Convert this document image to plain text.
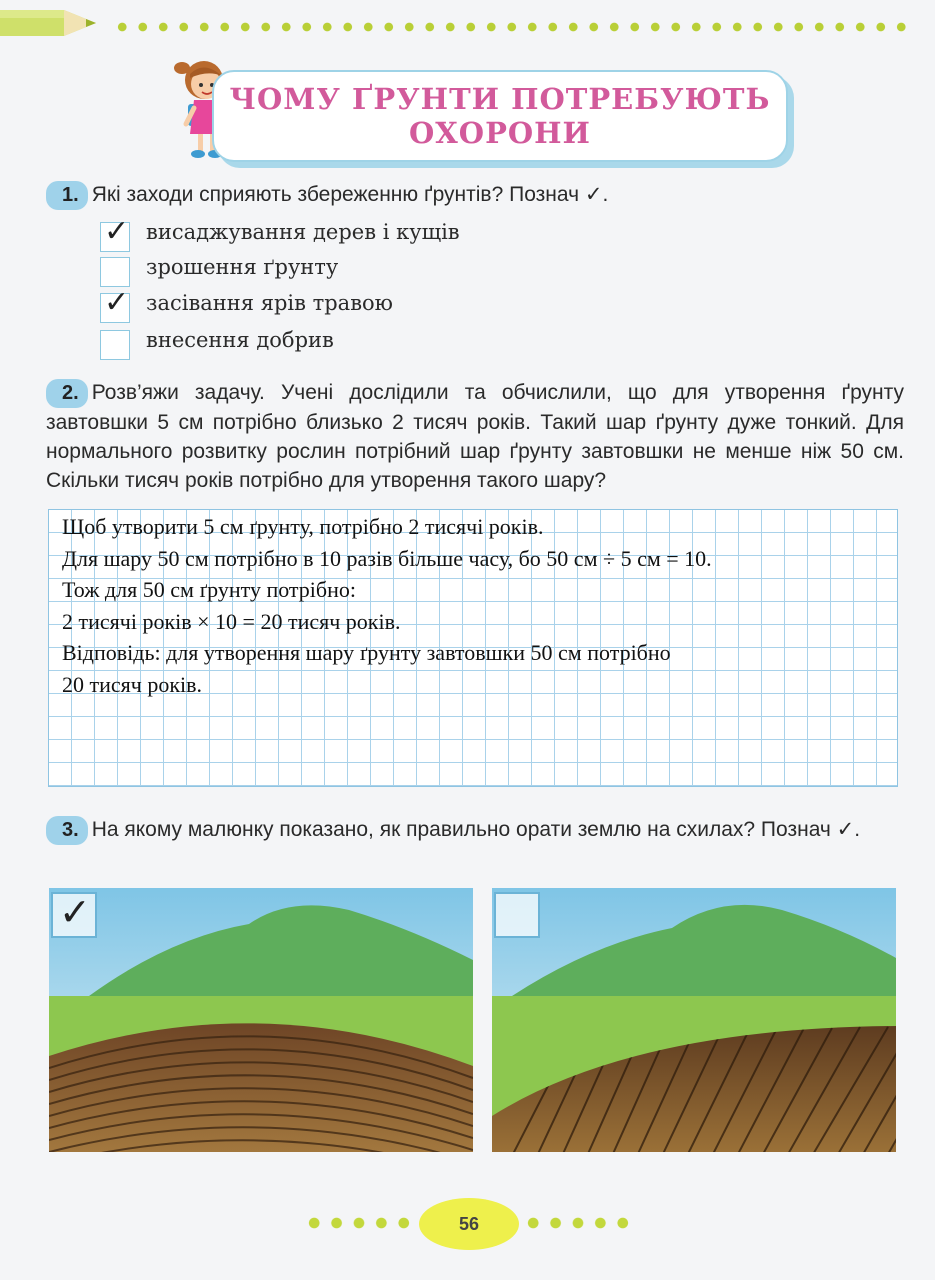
ЧОМУ ҐРУНТИ ПОТРЕБУЮТЬ
ОХОРОНИ
1. Які заходи сприяють збереженню ґрунтів? Познач ✓.
✓ висаджування дерев і кущів
зрошення ґрунту
✓ засівання ярів травою
внесення добрив
2. Розв’яжи задачу. Учені дослідили та обчислили, що для утворення ґрунту завтовшки 5 см потрібно близько 2 тисяч років. Такий шар ґрунту дуже тонкий. Для нормального розвитку рослин потрібний шар ґрунту завтовшки не менше ніж 50 см. Скільки тисяч років потрібно для утворення такого шару?
Щоб утворити 5 см ґрунту, потрібно 2 тисячі років.
Для шару 50 см потрібно в 10 разів більше часу, бо 50 см ÷ 5 см = 10.
Тож для 50 см ґрунту потрібно:
2 тисячі років × 10 = 20 тисяч років.
Відповідь: для утворення шару ґрунту завтовшки 50 см потрібно
20 тисяч років.
3. На якому малюнку показано, як правильно орати землю на схилах? Познач ✓.
✓
56
